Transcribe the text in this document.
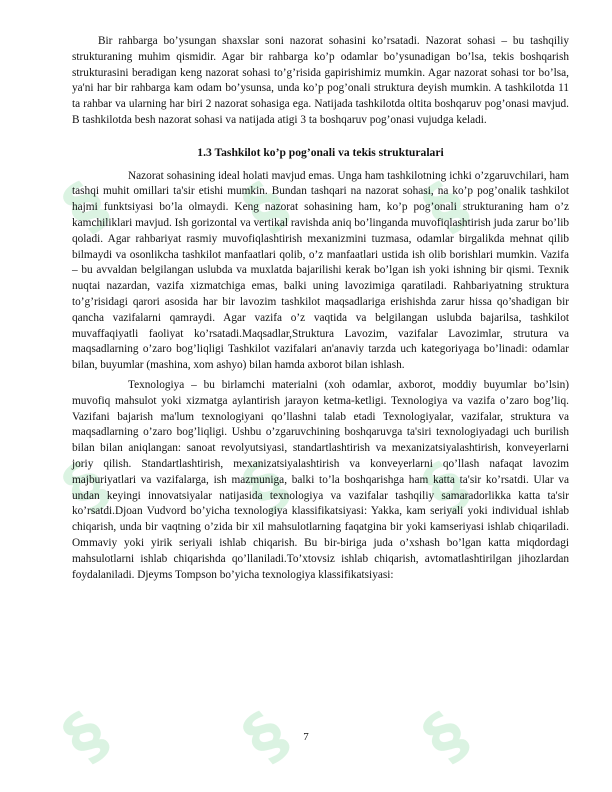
§ § §
§ § §
§ § §

Bir rahbarga bo’ysungan shaxslar soni nazorat sohasini ko’rsatadi. Nazorat sohasi – bu tashqiliy strukturaning muhim qismidir. Agar bir rahbarga ko’p odamlar bo’ysunadigan bo’lsa, tekis boshqarish strukturasini beradigan keng nazorat sohasi to’g’risida gapirishimiz mumkin. Agar nazorat sohasi tor bo’lsa, ya'ni har bir rahbarga kam odam bo’ysunsa, unda ko’p pog’onali struktura deyish mumkin. A tashkilotda 11 ta rahbar va ularning har biri 2 nazorat sohasiga ega. Natijada tashkilotda oltita boshqaruv pog’onasi mavjud. B tashkilotda besh nazorat sohasi va natijada atigi 3 ta boshqaruv pog’onasi vujudga keladi.

1.3 Tashkilot ko’p pog’onali va tekis strukturalari

Nazorat sohasining ideal holati mavjud emas. Unga ham tashkilotning ichki o’zgaruvchilari, ham tashqi muhit omillari ta'sir etishi mumkin. Bundan tashqari na nazorat sohasi, na ko’p pog’onalik tashkilot hajmi funktsiyasi bo’la olmaydi. Keng nazorat sohasining ham, ko’p pog’onali strukturaning ham o’z kamchiliklari mavjud. Ish gorizontal va vertikal ravishda aniq bo’linganda muvofiqlashtirish juda zarur bo’lib qoladi. Agar rahbariyat rasmiy muvofiqlashtirish mexanizmini tuzmasa, odamlar birgalikda mehnat qilib bilmaydi va osonlikcha tashkilot manfaatlari qolib, o’z manfaatlari ustida ish olib borishlari mumkin. Vazifa – bu avvaldan belgilangan uslubda va muxlatda bajarilishi kerak bo’lgan ish yoki ishning bir qismi. Texnik nuqtai nazardan, vazifa xizmatchiga emas, balki uning lavozimiga qaratiladi. Rahbariyatning struktura to’g’risidagi qarori asosida har bir lavozim tashkilot maqsadlariga erishishda zarur hissa qo’shadigan bir qancha vazifalarni qamraydi. Agar vazifa o’z vaqtida va belgilangan uslubda bajarilsa, tashkilot muvaffaqiyatli faoliyat ko’rsatadi.Maqsadlar,Struktura Lavozim, vazifalar Lavozimlar, strutura va maqsadlarning o’zaro bog’liqligi Tashkilot vazifalari an'anaviy tarzda uch kategoriyaga bo’linadi: odamlar bilan, buyumlar (mashina, xom ashyo) bilan hamda axborot bilan ishlash.

Texnologiya – bu birlamchi materialni (xoh odamlar, axborot, moddiy buyumlar bo’lsin) muvofiq mahsulot yoki xizmatga aylantirish jarayon ketma-ketligi. Texnologiya va vazifa o’zaro bog’liq. Vazifani bajarish ma'lum texnologiyani qo’llashni talab etadi Texnologiyalar, vazifalar, struktura va maqsadlarning o’zaro bog’liqligi. Ushbu o’zgaruvchining boshqaruvga ta'siri texnologiyadagi uch burilish bilan bilan aniqlangan: sanoat revolyutsiyasi, standartlashtirish va mexanizatsiyalashtirish, konveyerlarni joriy qilish. Standartlashtirish, mexanizatsiyalashtirish va konveyerlarni qo’llash nafaqat lavozim majburiyatlari va vazifalarga, ish mazmuniga, balki to’la boshqarishga ham katta ta'sir ko’rsatdi. Ular va undan keyingi innovatsiyalar natijasida texnologiya va vazifalar tashqiliy samaradorlikka katta ta'sir ko’rsatdi.Djoan Vudvord bo’yicha texnologiya klassifikatsiyasi: Yakka, kam seriyali yoki individual ishlab chiqarish, unda bir vaqtning o’zida bir xil mahsulotlarning faqatgina bir yoki kamseriyasi ishlab chiqariladi. Ommaviy yoki yirik seriyali ishlab chiqarish. Bu bir-biriga juda o’xshash bo’lgan katta miqdordagi mahsulotlarni ishlab chiqarishda qo’llaniladi.To’xtovsiz ishlab chiqarish, avtomatlashtirilgan jihozlardan foydalaniladi. Djeyms Tompson bo’yicha texnologiya klassifikatsiyasi:

7
